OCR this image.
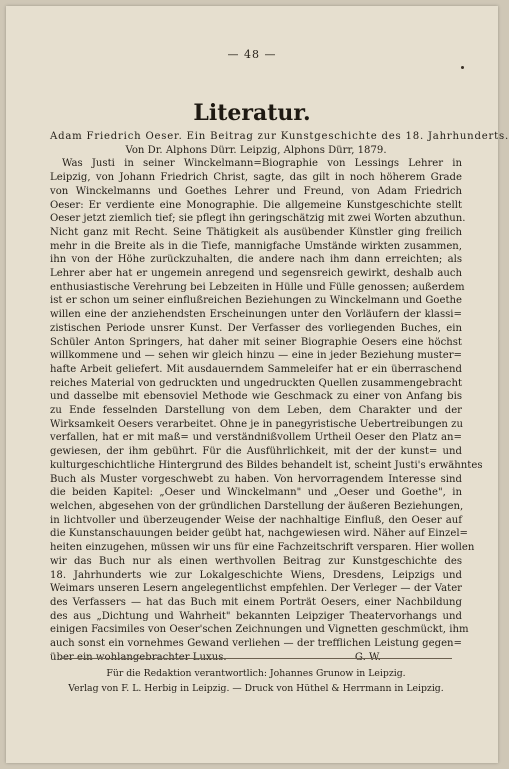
— 48 —
Literatur.
Adam Friedrich Oeser. Ein Beitrag zur Kunstgeschichte des 18. Jahrhunderts.
Von Dr. Alphons Dürr. Leipzig, Alphons Dürr, 1879.
Was Justi in seiner Winckelmann=Biographie von Lessings Lehrer in
Leipzig, von Johann Friedrich Christ, sagte, das gilt in noch höherem Grade
von Winckelmanns und Goethes Lehrer und Freund, von Adam Friedrich
Oeser: Er verdiente eine Monographie. Die allgemeine Kunstgeschichte stellt
Oeser jetzt ziemlich tief; sie pflegt ihn geringschätzig mit zwei Worten abzuthun.
Nicht ganz mit Recht. Seine Thätigkeit als ausübender Künstler ging freilich
mehr in die Breite als in die Tiefe, mannigfache Umstände wirkten zusammen,
ihn von der Höhe zurückzuhalten, die andere nach ihm dann erreichten; als
Lehrer aber hat er ungemein anregend und segensreich gewirkt, deshalb auch
enthusiastische Verehrung bei Lebzeiten in Hülle und Fülle genossen; außerdem
ist er schon um seiner einflußreichen Beziehungen zu Winckelmann und Goethe
willen eine der anziehendsten Erscheinungen unter den Vorläufern der klassi=
zistischen Periode unsrer Kunst. Der Verfasser des vorliegenden Buches, ein
Schüler Anton Springers, hat daher mit seiner Biographie Oesers eine höchst
willkommene und — sehen wir gleich hinzu — eine in jeder Beziehung muster=
hafte Arbeit geliefert. Mit ausdauerndem Sammeleifer hat er ein überraschend
reiches Material von gedruckten und ungedruckten Quellen zusammengebracht
und dasselbe mit ebensoviel Methode wie Geschmack zu einer von Anfang bis
zu Ende fesselnden Darstellung von dem Leben, dem Charakter und der
Wirksamkeit Oesers verarbeitet. Ohne je in panegyristische Uebertreibungen zu
verfallen, hat er mit maß= und verständnißvollem Urtheil Oeser den Platz an=
gewiesen, der ihm gebührt. Für die Ausführlichkeit, mit der der kunst= und
kulturgeschichtliche Hintergrund des Bildes behandelt ist, scheint Justi's erwähntes
Buch als Muster vorgeschwebt zu haben. Von hervorragendem Interesse sind
die beiden Kapitel: „Oeser und Winckelmann" und „Oeser und Goethe", in
welchen, abgesehen von der gründlichen Darstellung der äußeren Beziehungen,
in lichtvoller und überzeugender Weise der nachhaltige Einfluß, den Oeser auf
die Kunstanschauungen beider geübt hat, nachgewiesen wird. Näher auf Einzel=
heiten einzugehen, müssen wir uns für eine Fachzeitschrift versparen. Hier wollen
wir das Buch nur als einen werthvollen Beitrag zur Kunstgeschichte des
18. Jahrhunderts wie zur Lokalgeschichte Wiens, Dresdens, Leipzigs und
Weimars unseren Lesern angelegentlichst empfehlen. Der Verleger — der Vater
des Verfassers — hat das Buch mit einem Porträt Oesers, einer Nachbildung
des aus „Dichtung und Wahrheit" bekannten Leipziger Theatervorhangs und
einigen Facsimiles von Oeser'schen Zeichnungen und Vignetten geschmückt, ihm
auch sonst ein vornehmes Gewand verliehen — der trefflichen Leistung gegen=
über ein wohlangebrachter Luxus.                                        G. W.
Für die Redaktion verantwortlich: Johannes Grunow in Leipzig.
Verlag von F. L. Herbig in Leipzig. — Druck von Hüthel & Herrmann in Leipzig.
